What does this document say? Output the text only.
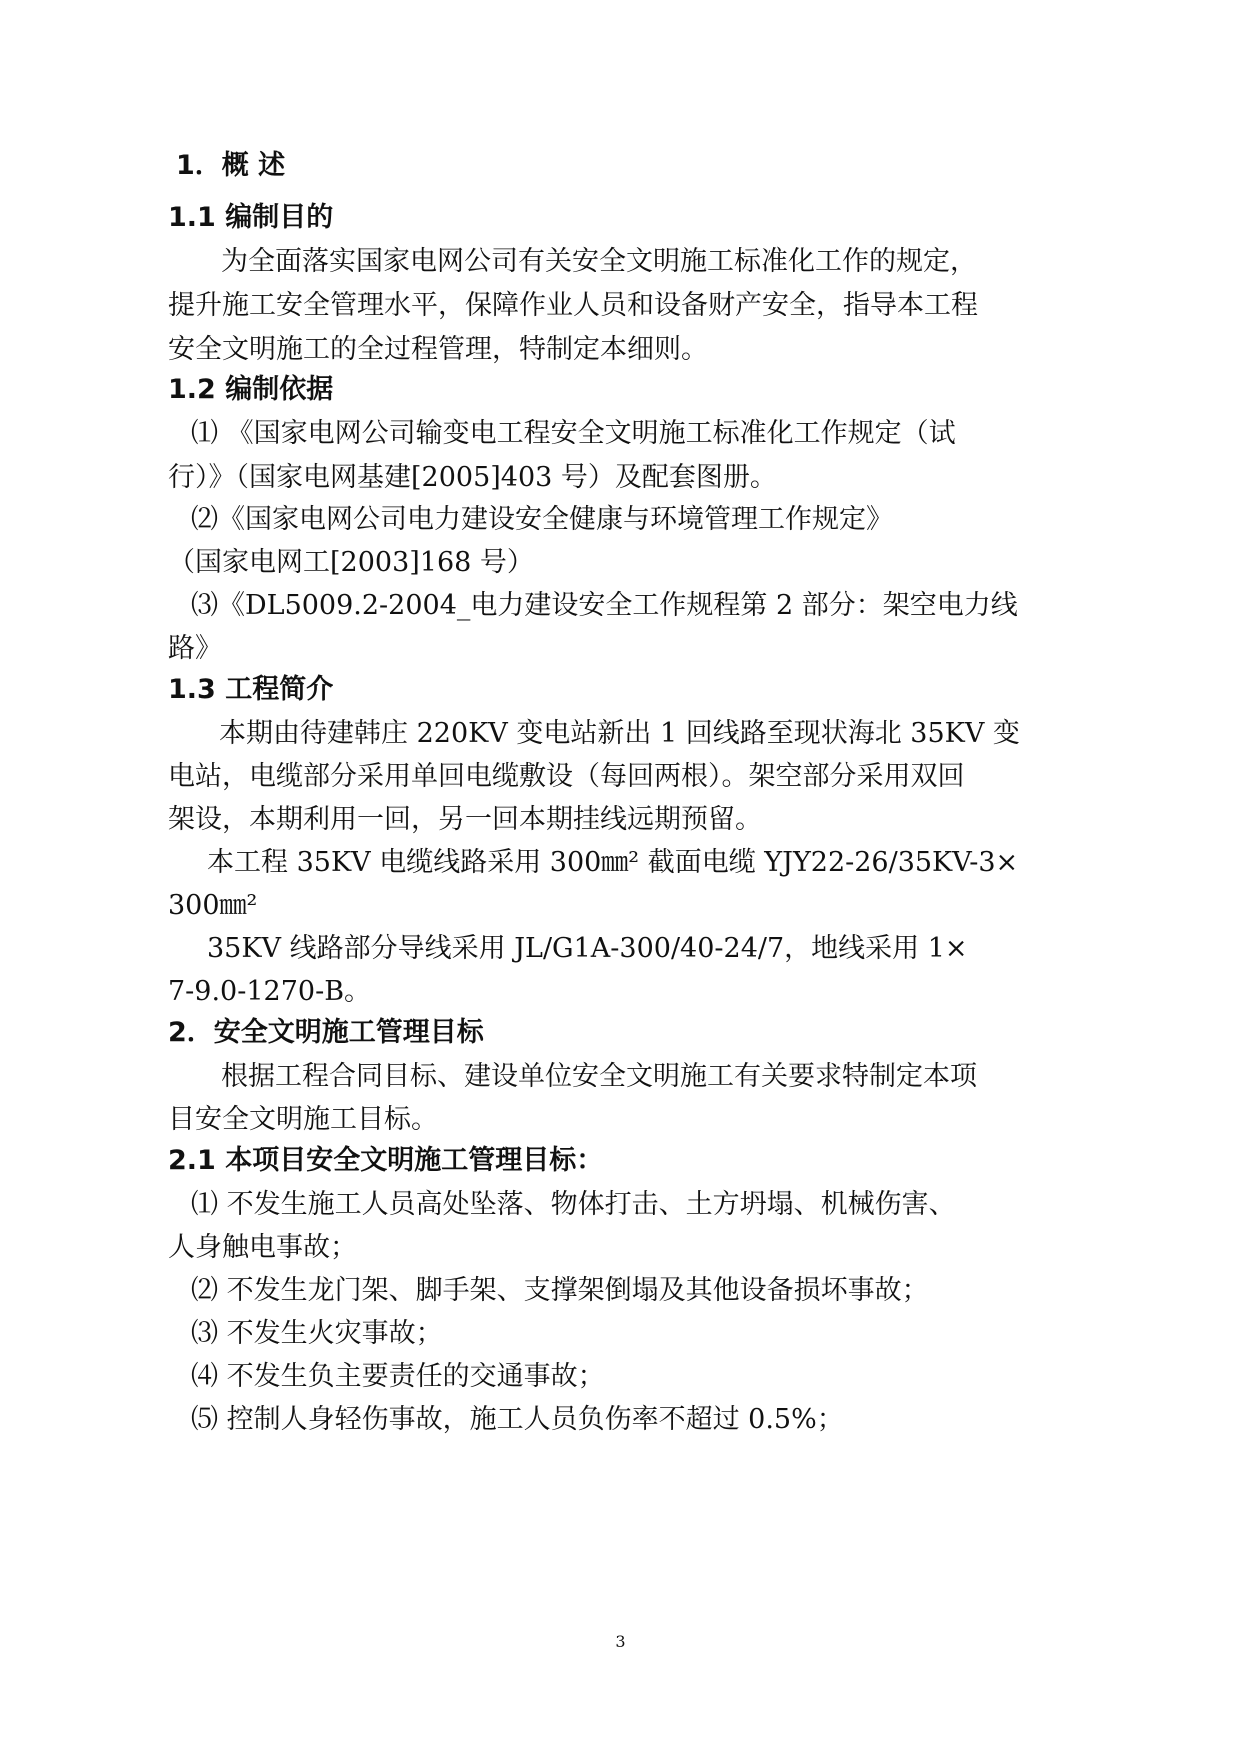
1．概 述
1.1 编制目的
为全面落实国家电网公司有关安全文明施工标准化工作的规定，
提升施工安全管理水平，保障作业人员和设备财产安全，指导本工程
安全文明施工的全过程管理，特制定本细则。
1.2 编制依据
⑴ 《国家电网公司输变电工程安全文明施工标准化工作规定（试
行）》（国家电网基建[2005]403 号）及配套图册。
⑵《国家电网公司电力建设安全健康与环境管理工作规定》
（国家电网工[2003]168 号）
⑶《DL5009.2-2004_电力建设安全工作规程第 2 部分：架空电力线
路》
1.3 工程简介
本期由待建韩庄 220KV 变电站新出 1 回线路至现状海北 35KV 变
电站，电缆部分采用单回电缆敷设（每回两根）。架空部分采用双回
架设，本期利用一回，另一回本期挂线远期预留。
本工程 35KV 电缆线路采用 300㎜² 截面电缆 YJY22-26/35KV-3×
300㎜²
35KV 线路部分导线采用 JL/G1A-300/40-24/7，地线采用 1×
7-9.0-1270-B。
2．安全文明施工管理目标
根据工程合同目标、建设单位安全文明施工有关要求特制定本项
目安全文明施工目标。
2.1 本项目安全文明施工管理目标：
⑴ 不发生施工人员高处坠落、物体打击、土方坍塌、机械伤害、
人身触电事故；
⑵ 不发生龙门架、脚手架、支撑架倒塌及其他设备损坏事故；
⑶ 不发生火灾事故；
⑷ 不发生负主要责任的交通事故；
⑸ 控制人身轻伤事故，施工人员负伤率不超过 0.5%；
3
